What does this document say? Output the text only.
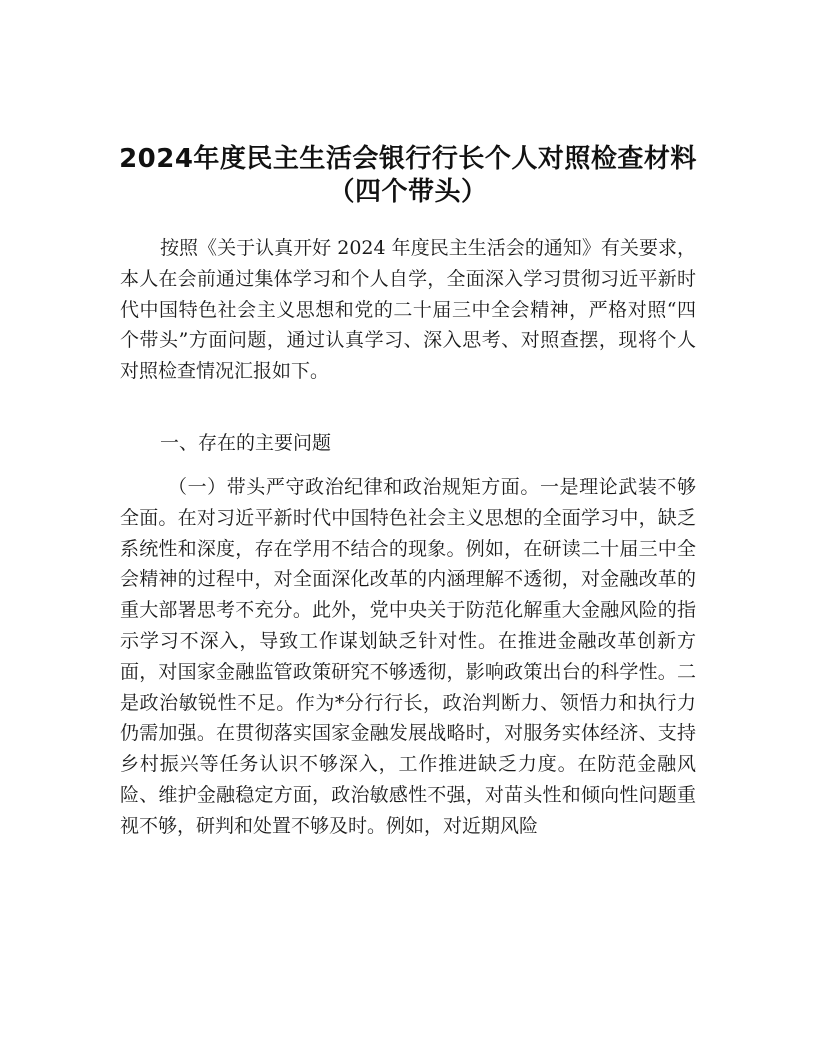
2024年度民主生活会银行行长个人对照检查材料（四个带头）

按照《关于认真开好 2024 年度民主生活会的通知》有关要求，本人在会前通过集体学习和个人自学，全面深入学习贯彻习近平新时代中国特色社会主义思想和党的二十届三中全会精神，严格对照“四个带头”方面问题，通过认真学习、深入思考、对照查摆，现将个人对照检查情况汇报如下。

一、存在的主要问题

（一）带头严守政治纪律和政治规矩方面。一是理论武装不够全面。在对习近平新时代中国特色社会主义思想的全面学习中，缺乏系统性和深度，存在学用不结合的现象。例如，在研读二十届三中全会精神的过程中，对全面深化改革的内涵理解不透彻，对金融改革的重大部署思考不充分。此外，党中央关于防范化解重大金融风险的指示学习不深入，导致工作谋划缺乏针对性。在推进金融改革创新方面，对国家金融监管政策研究不够透彻，影响政策出台的科学性。二是政治敏锐性不足。作为*分行行长，政治判断力、领悟力和执行力仍需加强。在贯彻落实国家金融发展战略时，对服务实体经济、支持乡村振兴等任务认识不够深入，工作推进缺乏力度。在防范金融风险、维护金融稳定方面，政治敏感性不强，对苗头性和倾向性问题重视不够，研判和处置不够及时。例如，对近期风险
